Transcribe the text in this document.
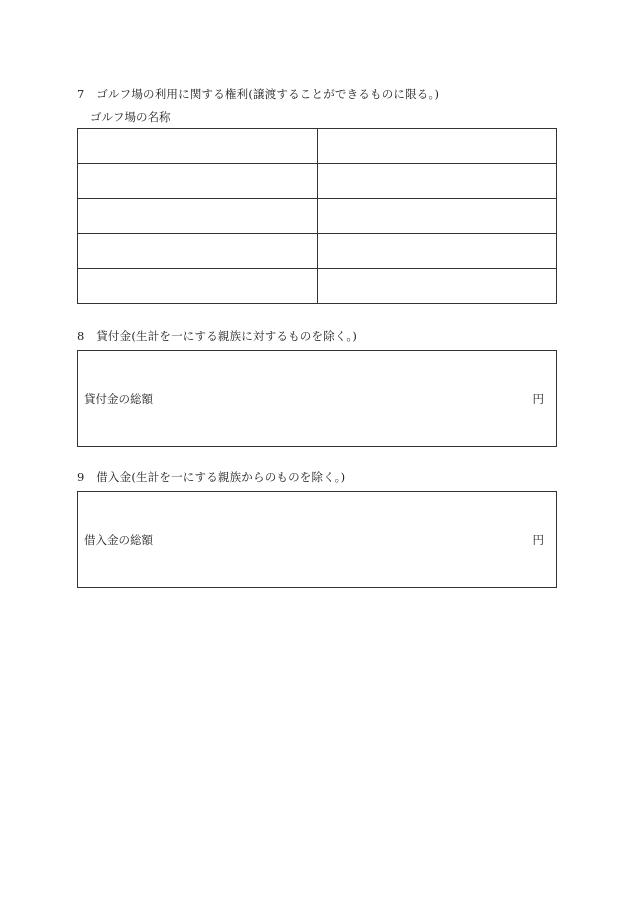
7　ゴルフ場の利用に関する権利(譲渡することができるものに限る。)
ゴルフ場の名称

8　貸付金(生計を一にする親族に対するものを除く。)
貸付金の総額	円
9　借入金(生計を一にする親族からのものを除く。)
借入金の総額	円
